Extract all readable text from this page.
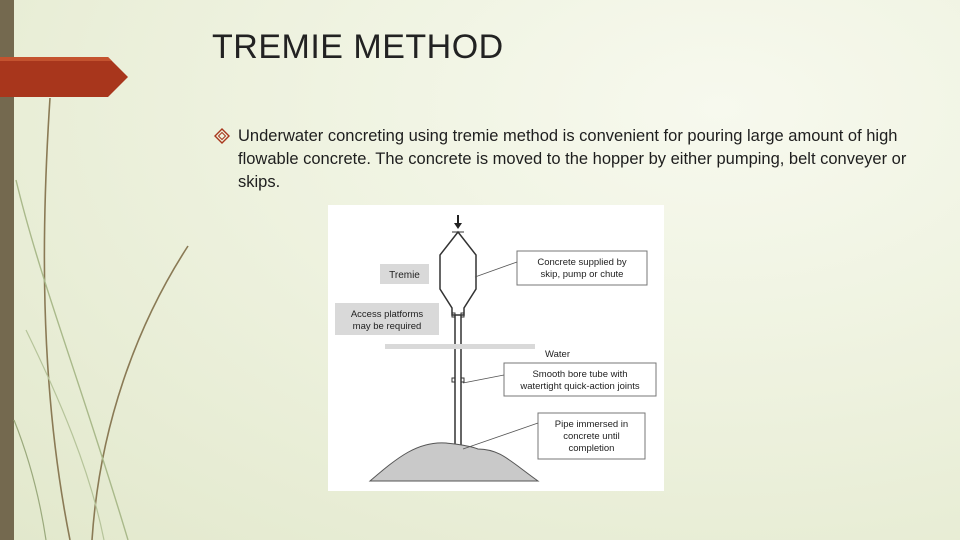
TREMIE METHOD

Underwater concreting using tremie method is convenient for pouring large amount of high flowable concrete. The concrete is moved to the hopper by either pumping, belt conveyer or skips.

Tremie
Access platforms
may be required
Concrete supplied by
skip, pump or chute
Water
Smooth bore tube with
watertight quick-action joints
Pipe immersed in
concrete until
completion
